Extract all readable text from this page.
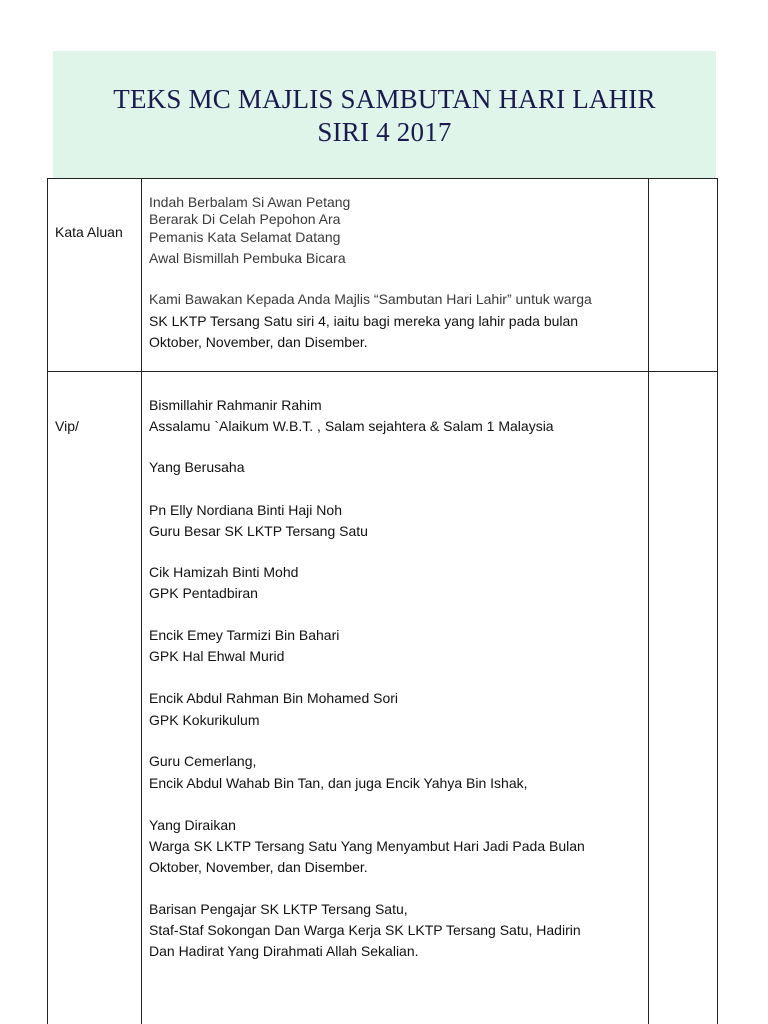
TEKS MC MAJLIS SAMBUTAN HARI LAHIR
SIRI 4 2017
Kata Aluan
Indah Berbalam Si Awan Petang
Berarak Di Celah Pepohon Ara
Pemanis Kata Selamat Datang
Awal Bismillah Pembuka Bicara
Kami Bawakan Kepada Anda Majlis “Sambutan Hari Lahir” untuk warga
SK LKTP Tersang Satu siri 4, iaitu bagi mereka yang lahir pada bulan
Oktober, November, dan Disember.
Vip/
Bismillahir Rahmanir Rahim
Assalamu `Alaikum W.B.T. , Salam sejahtera & Salam 1 Malaysia
Yang Berusaha
Pn Elly Nordiana Binti Haji Noh
Guru Besar SK LKTP Tersang Satu
Cik Hamizah Binti Mohd
GPK Pentadbiran
Encik Emey Tarmizi Bin Bahari
GPK Hal Ehwal Murid
Encik Abdul Rahman Bin Mohamed Sori
GPK Kokurikulum
Guru Cemerlang,
Encik Abdul Wahab Bin Tan, dan juga Encik Yahya Bin Ishak,
Yang Diraikan
Warga SK LKTP Tersang Satu Yang Menyambut Hari Jadi Pada Bulan
Oktober, November, dan Disember.
Barisan Pengajar SK LKTP Tersang Satu,
Staf-Staf Sokongan Dan Warga Kerja SK LKTP Tersang Satu, Hadirin
Dan Hadirat Yang Dirahmati Allah Sekalian.
